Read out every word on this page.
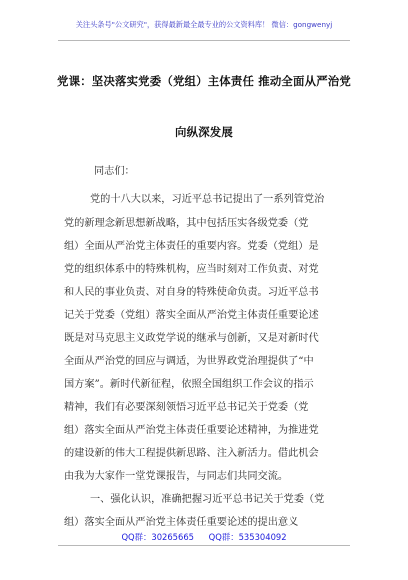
关注头条号"公文研究"，获得最新最全最专业的公文资料库！ 微信：gongwenyj
党课：坚决落实党委（党组）主体责任 推动全面从严治党
向纵深发展
同志们：
党的十八大以来，习近平总书记提出了一系列管党治
党的新理念新思想新战略，其中包括压实各级党委（党
组）全面从严治党主体责任的重要内容。党委（党组）是
党的组织体系中的特殊机构，应当时刻对工作负责、对党
和人民的事业负责、对自身的特殊使命负责。习近平总书
记关于党委（党组）落实全面从严治党主体责任重要论述
既是对马克思主义政党学说的继承与创新，又是对新时代
全面从严治党的回应与调适，为世界政党治理提供了“中
国方案”。新时代新征程，依照全国组织工作会议的指示
精神，我们有必要深刻领悟习近平总书记关于党委（党
组）落实全面从严治党主体责任重要论述精神，为推进党
的建设新的伟大工程提供新思路、注入新活力。借此机会
由我为大家作一堂党课报告，与同志们共同交流。
一、强化认识，准确把握习近平总书记关于党委（党
组）落实全面从严治党主体责任重要论述的提出意义
QQ群：30265665 QQ群：535304092
